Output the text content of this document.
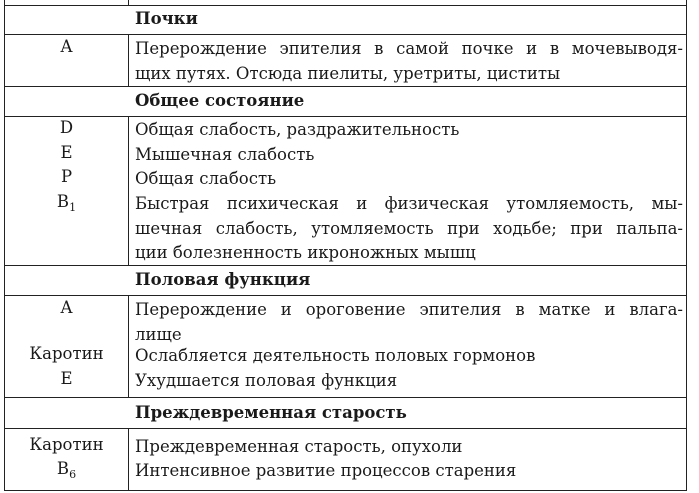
Почки
А	Перерождение эпителия в самой почке и в мочевыводя-
щих путях. Отсюда пиелиты, уретриты, циститы
Общее состояние
D	Общая слабость, раздражительность
Е	Мышечная слабость
Р	Общая слабость
$В_1$	Быстрая психическая и физическая утомляемость, мы-
шечная слабость, утомляемость при ходьбе; при пальпа-
ции болезненность икроножных мышц
Половая функция
А	Перерождение и ороговение эпителия в матке и влага-
лище
Каротин	Ослабляется деятельность половых гормонов
Е	Ухудшается половая функция
Преждевременная старость
Каротин	Преждевременная старость, опухоли
$В_6$	Интенсивное развитие процессов старения
